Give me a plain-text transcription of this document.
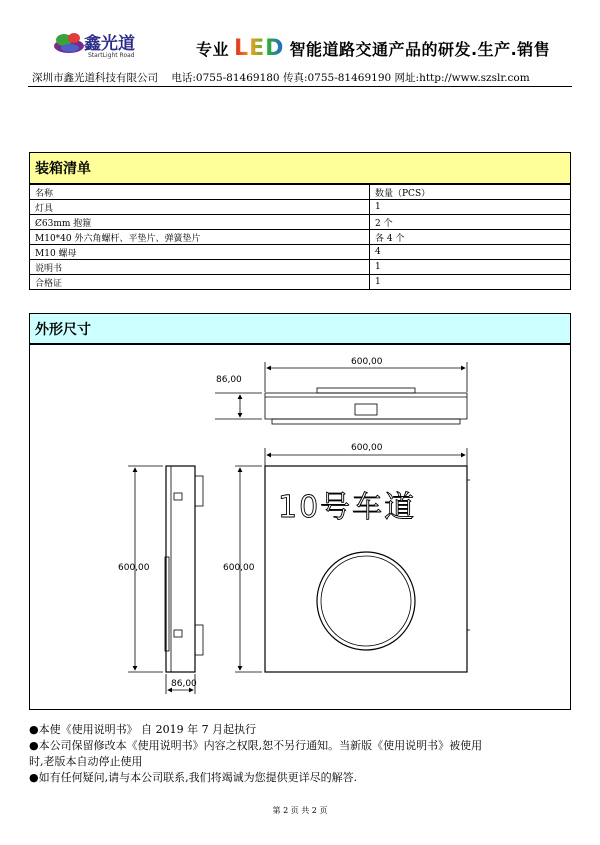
鑫光道
StartLight Road	专业 LED 智能道路交通产品的研发.生产.销售
深圳市鑫光道科技有限公司 电话:0755-81469180 传真:0755-81469190 网址:http://www.szslr.com
装箱清单
名称	数量（PCS）
灯具	1
Ȼ63mm 抱箍	2 个
M10*40 外六角螺杆、平垫片、弹簧垫片	各 4 个
M10 螺母	4
说明书	1
合格证	1
外形尺寸
600,00
86,00
600,00
600,00
600,00
86,00
10号车道
●本使《使用说明书》 自 2019 年 7 月起执行
●本公司保留修改本《使用说明书》内容之权限,恕不另行通知。当新版《使用说明书》被使用
时,老版本自动停止使用
●如有任何疑问,请与本公司联系,我们将竭诚为您提供更详尽的解答.
第 2 页 共 2 页
